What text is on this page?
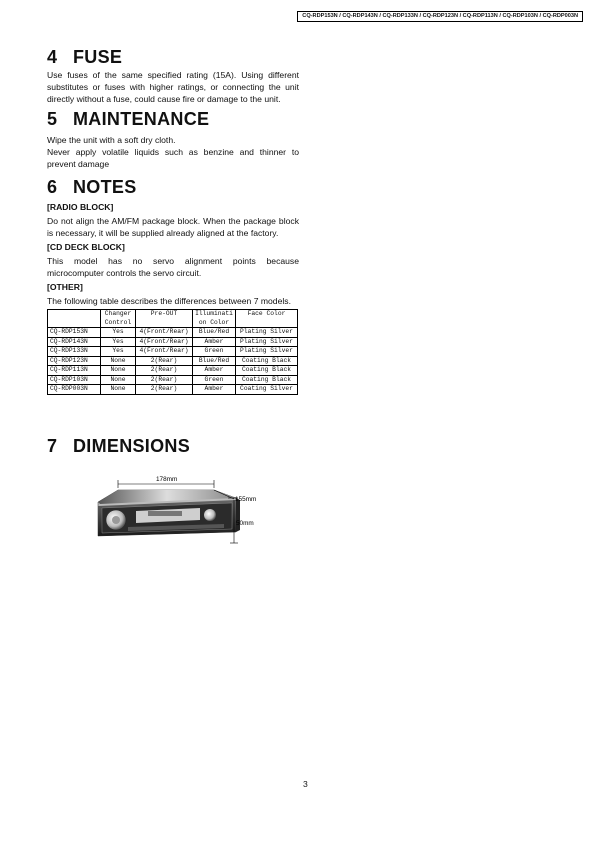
CQ-RDP153N / CQ-RDP143N / CQ-RDP133N / CQ-RDP123N / CQ-RDP113N / CQ-RDP103N / CQ-RDP003N
4 FUSE

Use fuses of the same specified rating (15A). Using different substitutes or fuses with higher ratings, or connecting the unit directly without a fuse, could cause fire or damage to the unit.

5 MAINTENANCE

Wipe the unit with a soft dry cloth.

Never apply volatile liquids such as benzine and thinner to prevent damage

6 NOTES
[RADIO BLOCK]

Do not align the AM/FM package block. When the package block is necessary, it will be supplied already aligned at the factory.

[CD DECK BLOCK]

This model has no servo alignment points because microcomputer controls the servo circuit.

[OTHER]

The following table describes the differences between 7 models.

	Changer Control	Pre-OUT	Illuminati on Color	Face Color
CQ-RDP153N	Yes	4(Front/Rear)	Blue/Red	Plating Silver
CQ-RDP143N	Yes	4(Front/Rear)	Amber	Plating Silver
CQ-RDP133N	Yes	4(Front/Rear)	Green	Plating Silver
CQ-RDP123N	None	2(Rear)	Blue/Red	Coating Black
CQ-RDP113N	None	2(Rear)	Amber	Coating Black
CQ-RDP103N	None	2(Rear)	Green	Coating Black
CQ-RDP003N	None	2(Rear)	Amber	Coating Silver
7 DIMENSIONS
178mm
155mm
50mm
3
